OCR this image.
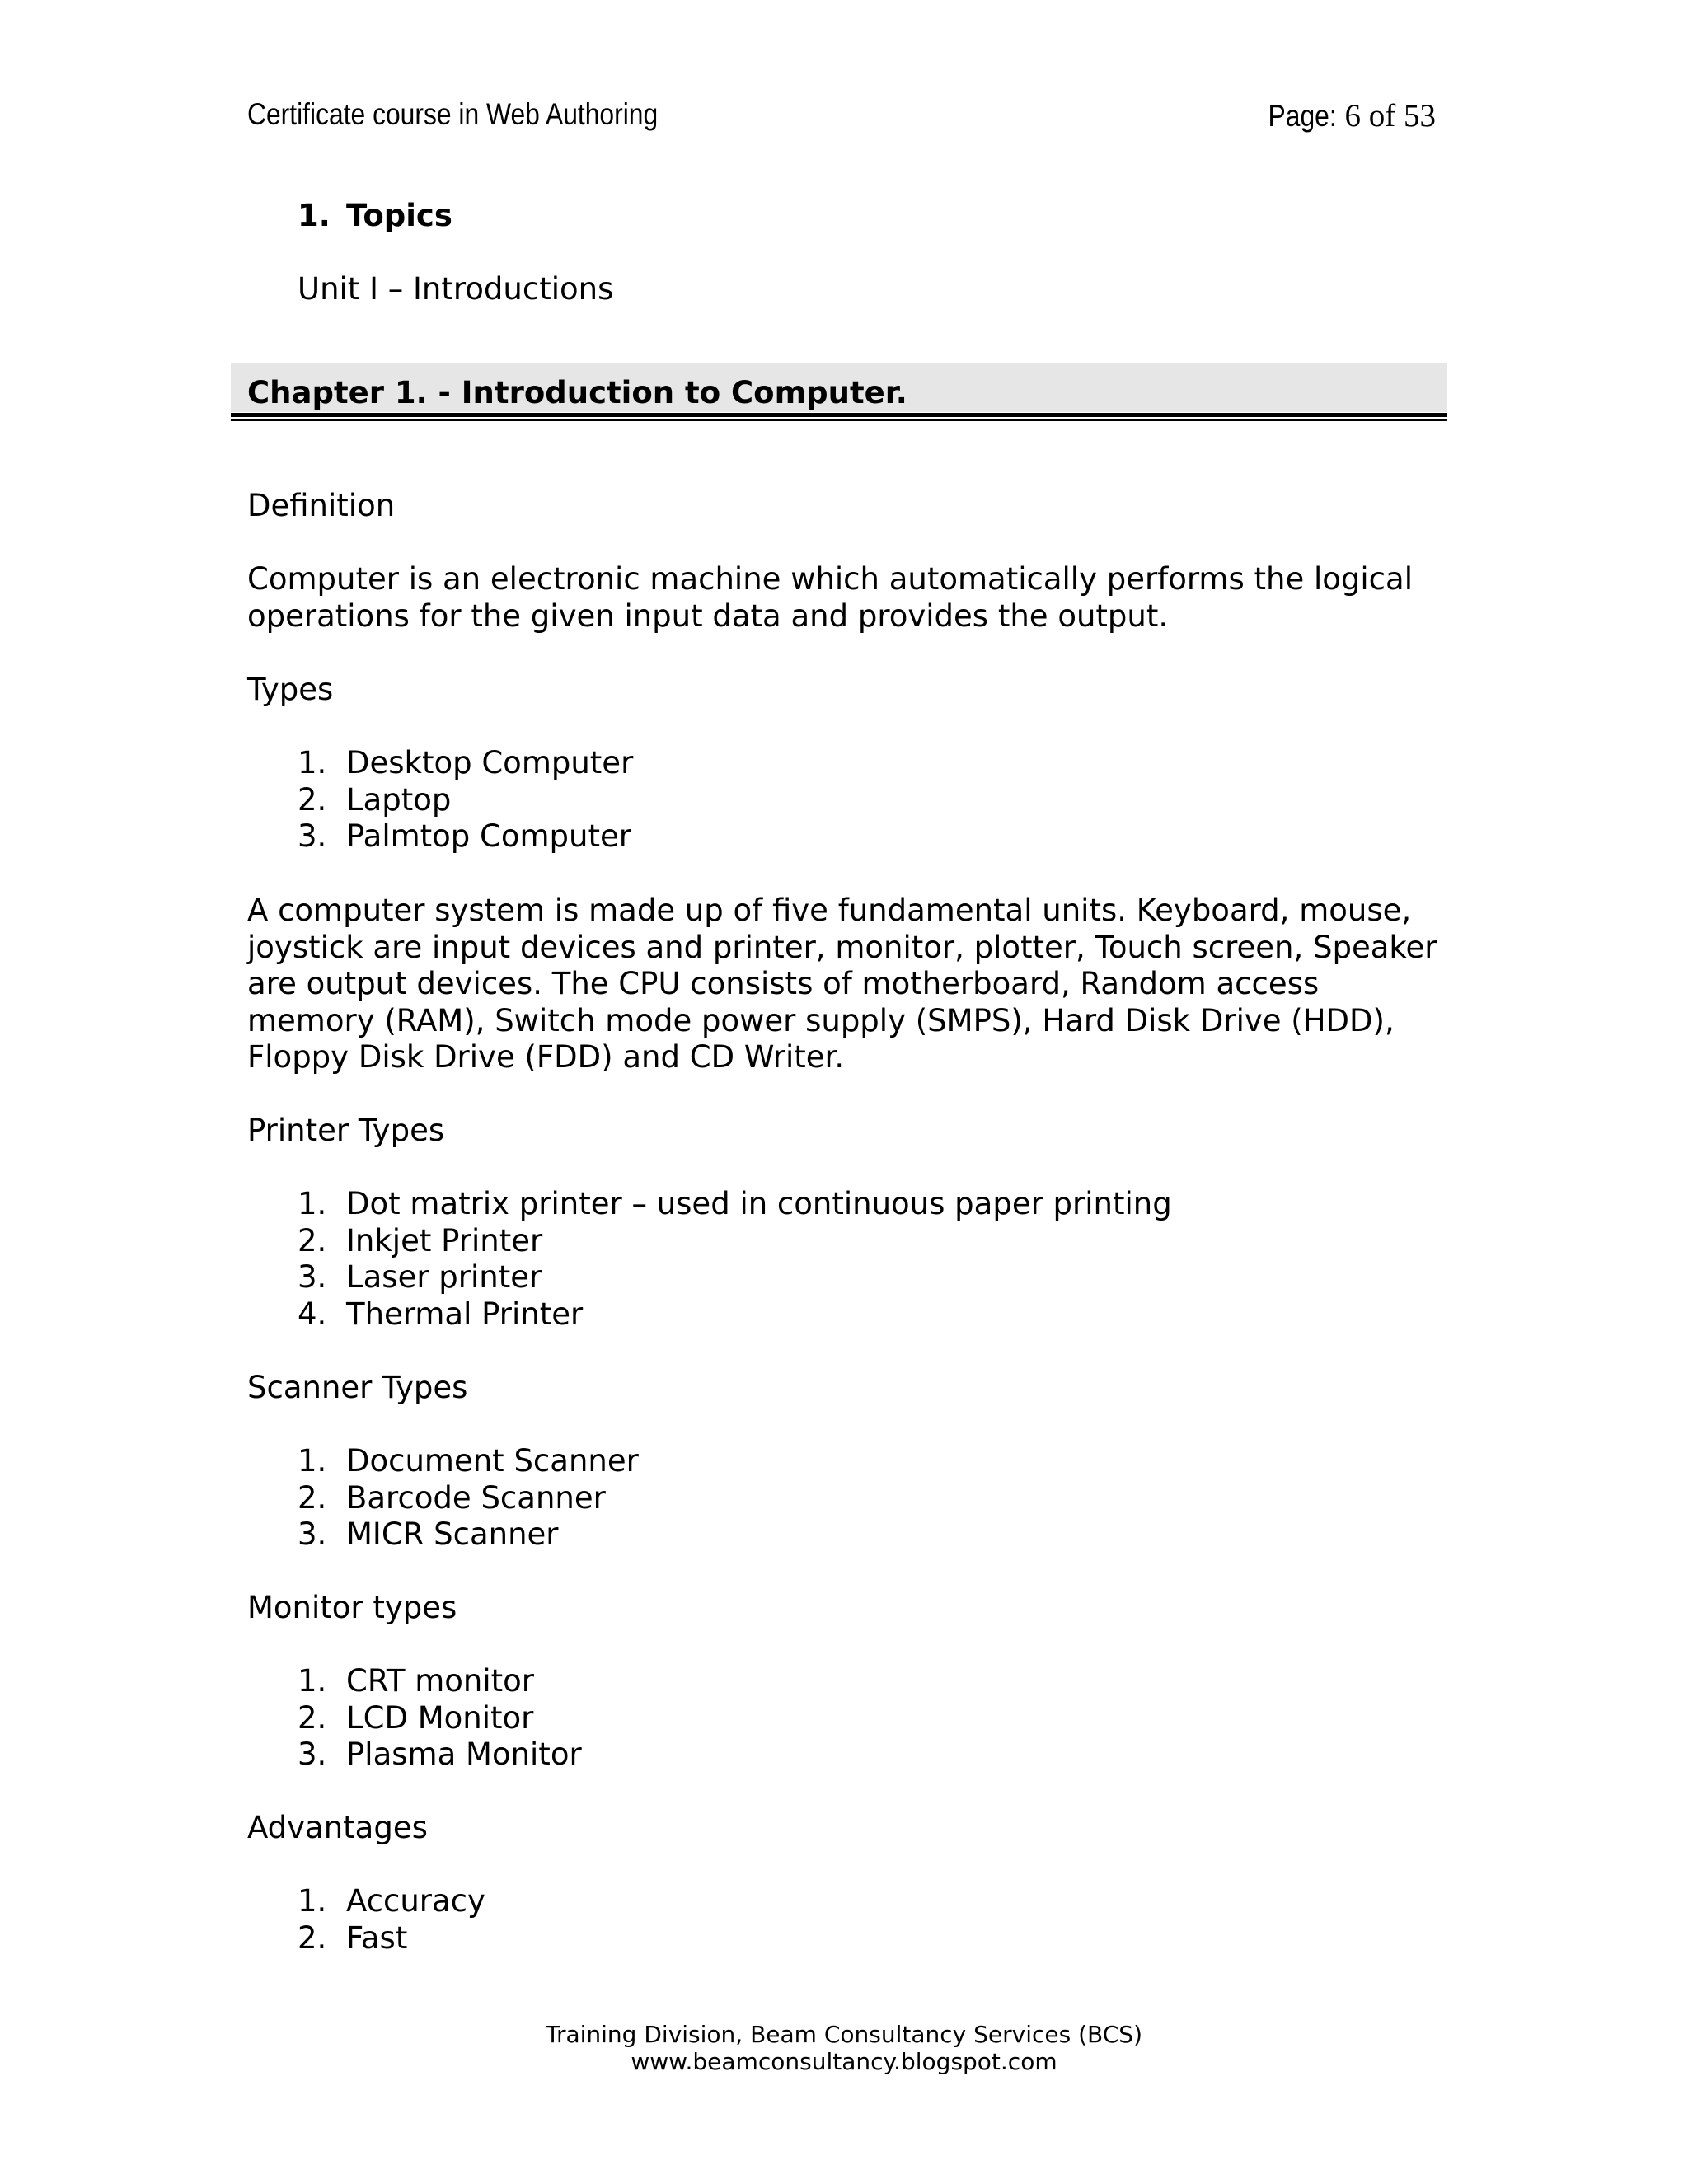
Certificate course in Web Authoring	Page: 6 of 53
1. Topics
Unit I – Introductions
Chapter 1. - Introduction to Computer.
Definition
Computer is an electronic machine which automatically performs the logical operations for the given input data and provides the output.
Types
1. Desktop Computer
2. Laptop
3. Palmtop Computer
A computer system is made up of five fundamental units. Keyboard, mouse, joystick are input devices and printer, monitor, plotter, Touch screen, Speaker are output devices. The CPU consists of motherboard, Random access memory (RAM), Switch mode power supply (SMPS), Hard Disk Drive (HDD), Floppy Disk Drive (FDD) and CD Writer.
Printer Types
1. Dot matrix printer – used in continuous paper printing
2. Inkjet Printer
3. Laser printer
4. Thermal Printer
Scanner Types
1. Document Scanner
2. Barcode Scanner
3. MICR Scanner
Monitor types
1. CRT monitor
2. LCD Monitor
3. Plasma Monitor
Advantages
1. Accuracy
2. Fast
Training Division, Beam Consultancy Services (BCS)
www.beamconsultancy.blogspot.com
